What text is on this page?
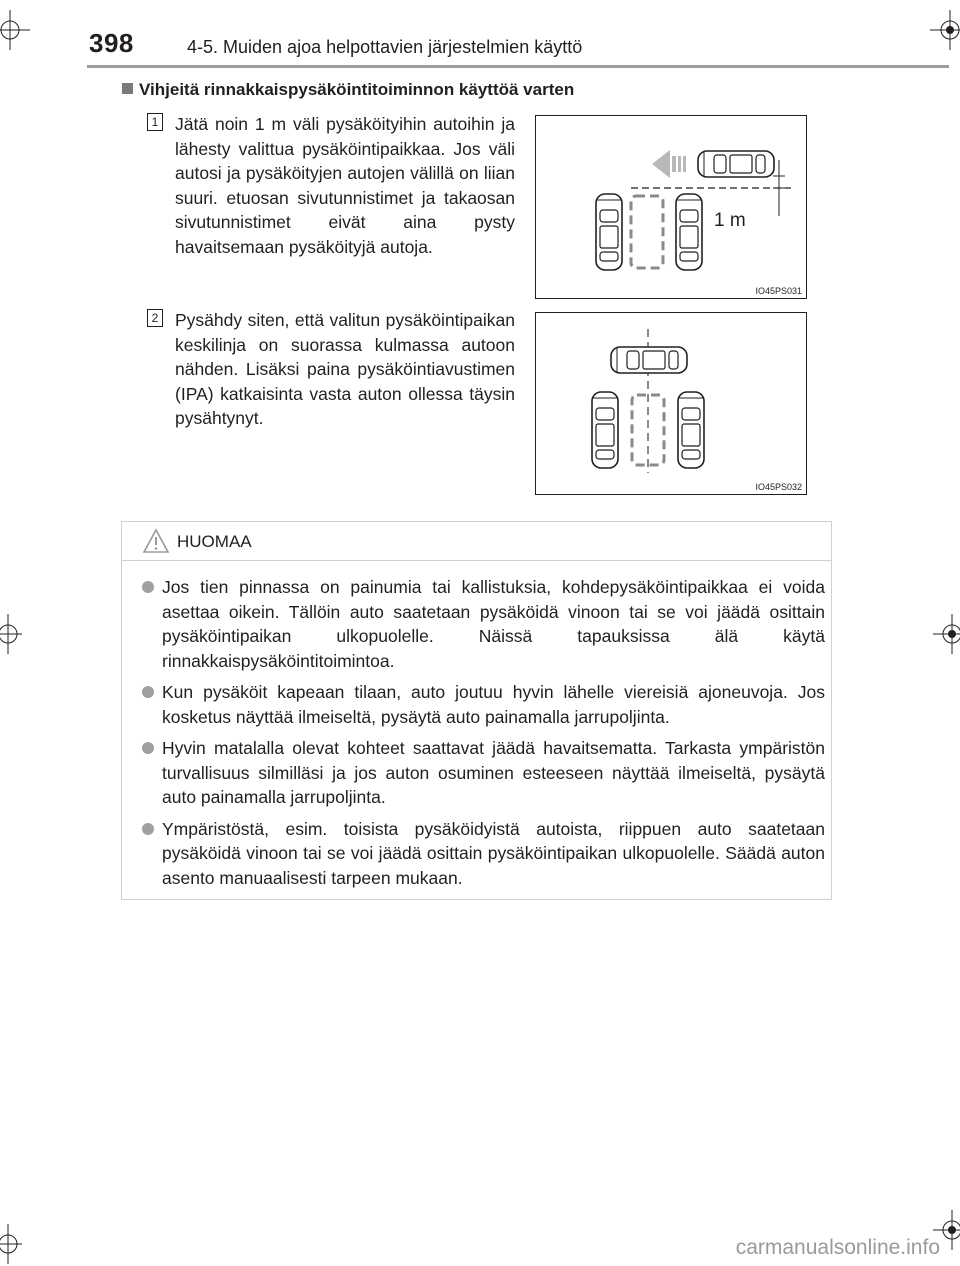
398	4-5. Muiden ajoa helpottavien järjestelmien käyttö
Vihjeitä rinnakkaispysäköintitoiminnon käyttöä varten
1 Jätä noin 1 m väli pysäköityihin autoihin ja lähesty valittua pysäköintipaikkaa. Jos väli autosi ja pysäköityjen autojen välillä on liian suuri. etuosan sivutunnistimet ja takaosan sivutunnistimet eivät aina pysty havaitsemaan pysäköityjä autoja.
1 m
IO45PS031
2 Pysähdy siten, että valitun pysäköintipaikan keskilinja on suorassa kulmassa autoon nähden. Lisäksi paina pysäköintiavustimen (IPA) katkaisinta vasta auton ollessa täysin pysähtynyt.
IO45PS032
HUOMAA
Jos tien pinnassa on painumia tai kallistuksia, kohdepysäköintipaikkaa ei voida asettaa oikein. Tällöin auto saatetaan pysäköidä vinoon tai se voi jäädä osittain pysäköintipaikan ulkopuolelle. Näissä tapauksissa älä käytä rinnakkaispysäköintitoimintoa.
Kun pysäköit kapeaan tilaan, auto joutuu hyvin lähelle viereisiä ajoneuvoja. Jos kosketus näyttää ilmeiseltä, pysäytä auto painamalla jarrupoljinta.
Hyvin matalalla olevat kohteet saattavat jäädä havaitsematta. Tarkasta ympäristön turvallisuus silmilläsi ja jos auton osuminen esteeseen näyttää ilmeiseltä, pysäytä auto painamalla jarrupoljinta.
Ympäristöstä, esim. toisista pysäköidyistä autoista, riippuen auto saatetaan pysäköidä vinoon tai se voi jäädä osittain pysäköintipaikan ulkopuolelle. Säädä auton asento manuaalisesti tarpeen mukaan.
carmanualsonline.info
